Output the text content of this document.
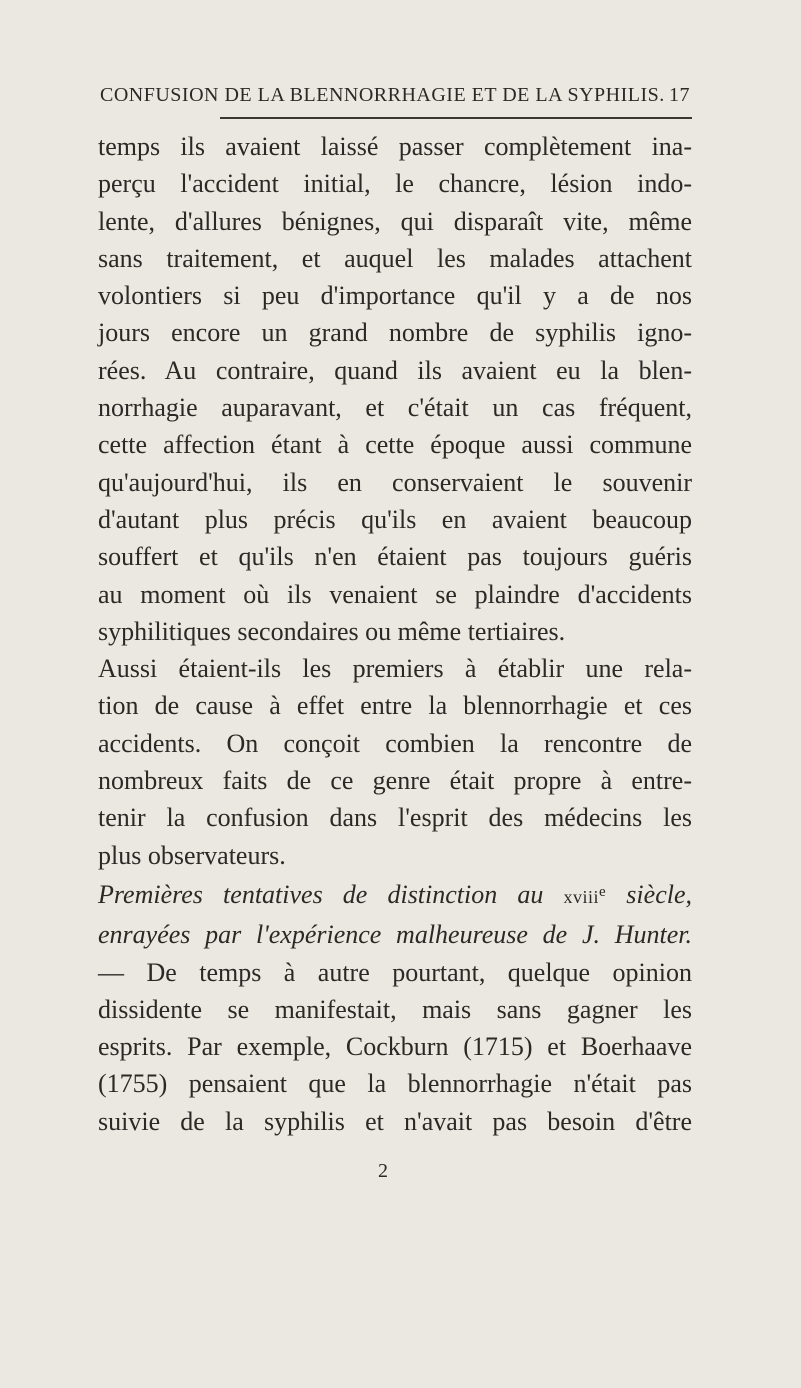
CONFUSION DE LA BLENNORRHAGIE ET DE LA SYPHILIS. 17
temps ils avaient laissé passer complètement ina-
perçu l'accident initial, le chancre, lésion indo-
lente, d'allures bénignes, qui disparaît vite, même
sans traitement, et auquel les malades attachent
volontiers si peu d'importance qu'il y a de nos
jours encore un grand nombre de syphilis igno-
rées. Au contraire, quand ils avaient eu la blen-
norrhagie auparavant, et c'était un cas fréquent,
cette affection étant à cette époque aussi commune
qu'aujourd'hui, ils en conservaient le souvenir
d'autant plus précis qu'ils en avaient beaucoup
souffert et qu'ils n'en étaient pas toujours guéris
au moment où ils venaient se plaindre d'accidents
syphilitiques secondaires ou même tertiaires.
Aussi étaient-ils les premiers à établir une rela-
tion de cause à effet entre la blennorrhagie et ces
accidents. On conçoit combien la rencontre de
nombreux faits de ce genre était propre à entre-
tenir la confusion dans l'esprit des médecins les
plus observateurs.
Premières tentatives de distinction au xviii$^e$ siècle,
enrayées par l'expérience malheureuse de J. Hunter.
— De temps à autre pourtant, quelque opinion
dissidente se manifestait, mais sans gagner les
esprits. Par exemple, Cockburn (1715) et Boerhaave
(1755) pensaient que la blennorrhagie n'était pas
suivie de la syphilis et n'avait pas besoin d'être
2
